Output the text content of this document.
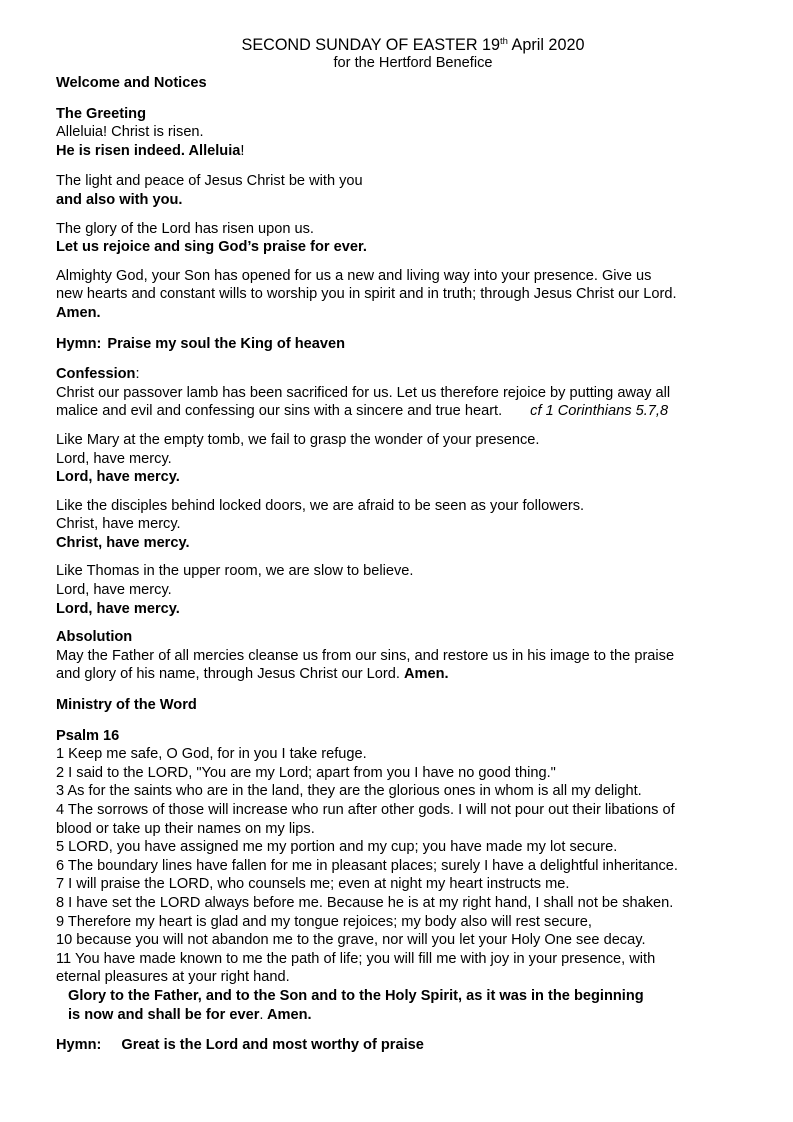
SECOND SUNDAY OF EASTER 19th April 2020
for the Hertford Benefice

Welcome and Notices

The Greeting

Alleluia! Christ is risen.

He is risen indeed. Alleluia!

The light and peace of Jesus Christ be with you

and also with you.

The glory of the Lord has risen upon us.

Let us rejoice and sing God’s praise for ever.

Almighty God, your Son has opened for us a new and living way into your presence. Give us

new hearts and constant wills to worship you in spirit and in truth; through Jesus Christ our Lord.

Amen.

Hymn: Praise my soul the King of heaven

Confession:

Christ our passover lamb has been sacrificed for us. Let us therefore rejoice by putting away all

malice and evil and confessing our sins with a sincere and true heart. cf 1 Corinthians 5.7,8

Like Mary at the empty tomb, we fail to grasp the wonder of your presence.

Lord, have mercy.

Lord, have mercy.

Like the disciples behind locked doors, we are afraid to be seen as your followers.

Christ, have mercy.

Christ, have mercy.

Like Thomas in the upper room, we are slow to believe.

Lord, have mercy.

Lord, have mercy.

Absolution

May the Father of all mercies cleanse us from our sins, and restore us in his image to the praise

and glory of his name, through Jesus Christ our Lord. Amen.

Ministry of the Word

Psalm 16

1 Keep me safe, O God, for in you I take refuge.

2 I said to the LORD, "You are my Lord; apart from you I have no good thing."

3 As for the saints who are in the land, they are the glorious ones in whom is all my delight.

4 The sorrows of those will increase who run after other gods. I will not pour out their libations of

blood or take up their names on my lips.

5 LORD, you have assigned me my portion and my cup; you have made my lot secure.

6 The boundary lines have fallen for me in pleasant places; surely I have a delightful inheritance.

7 I will praise the LORD, who counsels me; even at night my heart instructs me.

8 I have set the LORD always before me. Because he is at my right hand, I shall not be shaken.

9 Therefore my heart is glad and my tongue rejoices; my body also will rest secure,

10 because you will not abandon me to the grave, nor will you let your Holy One see decay.

11 You have made known to me the path of life; you will fill me with joy in your presence, with

eternal pleasures at your right hand.

Glory to the Father, and to the Son and to the Holy Spirit, as it was in the beginning

is now and shall be for ever. Amen.

Hymn: Great is the Lord and most worthy of praise
